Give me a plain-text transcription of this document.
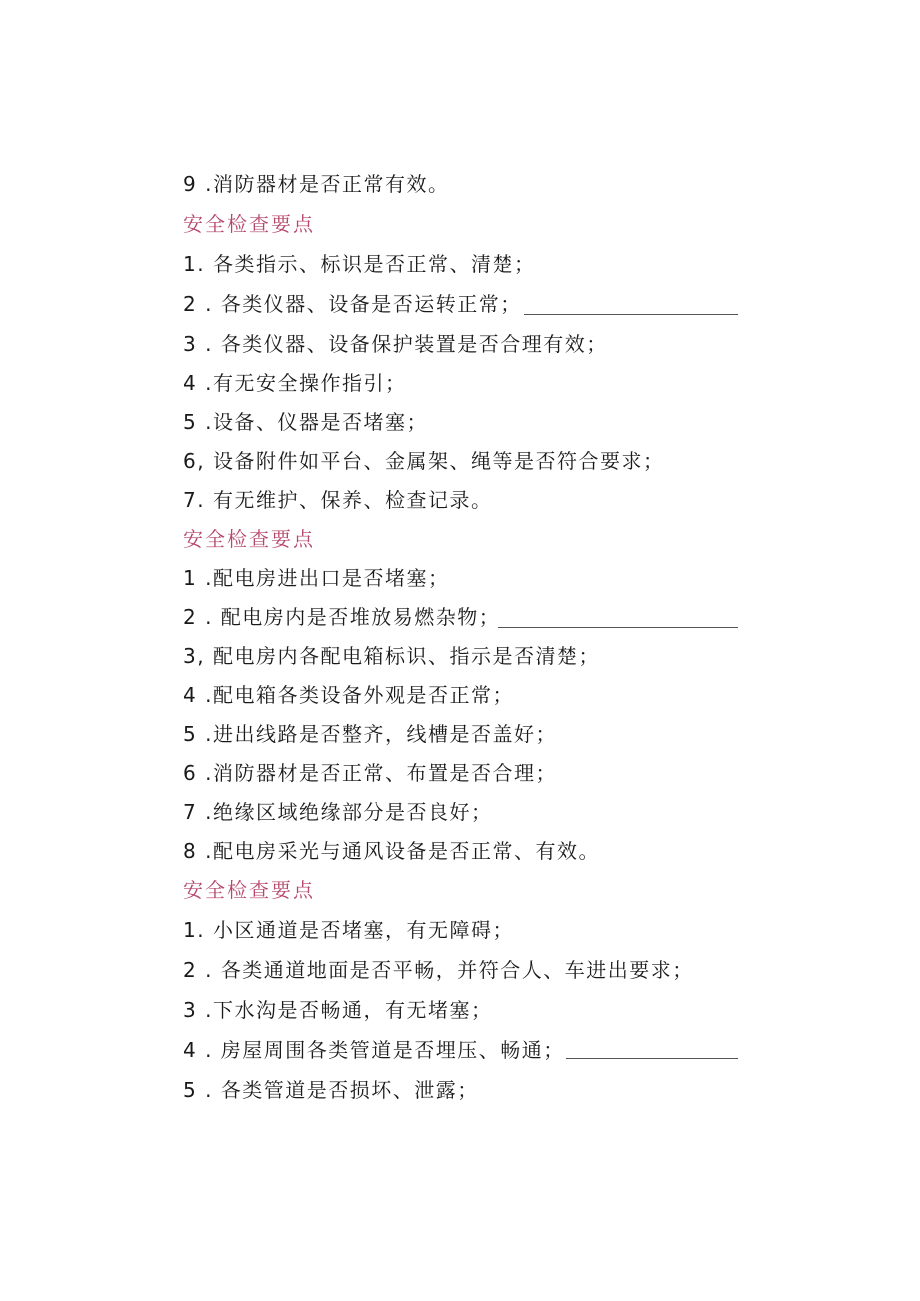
9 .消防器材是否正常有效。
安全检查要点
1. 各类指示、标识是否正常、清楚；
2 . 各类仪器、设备是否运转正常；
3 . 各类仪器、设备保护装置是否合理有效；
4 .有无安全操作指引；
5 .设备、仪器是否堵塞；
6, 设备附件如平台、金属架、绳等是否符合要求；
7. 有无维护、保养、检查记录。
安全检查要点
1 .配电房进出口是否堵塞；
2 . 配电房内是否堆放易燃杂物；
3, 配电房内各配电箱标识、指示是否清楚；
4 .配电箱各类设备外观是否正常；
5 .进出线路是否整齐，线槽是否盖好；
6 .消防器材是否正常、布置是否合理；
7 .绝缘区域绝缘部分是否良好；
8 .配电房采光与通风设备是否正常、有效。
安全检查要点
1. 小区通道是否堵塞，有无障碍；
2 . 各类通道地面是否平畅，并符合人、车进出要求；
3 .下水沟是否畅通，有无堵塞；
4 . 房屋周围各类管道是否埋压、畅通；
5 . 各类管道是否损坏、泄露；
